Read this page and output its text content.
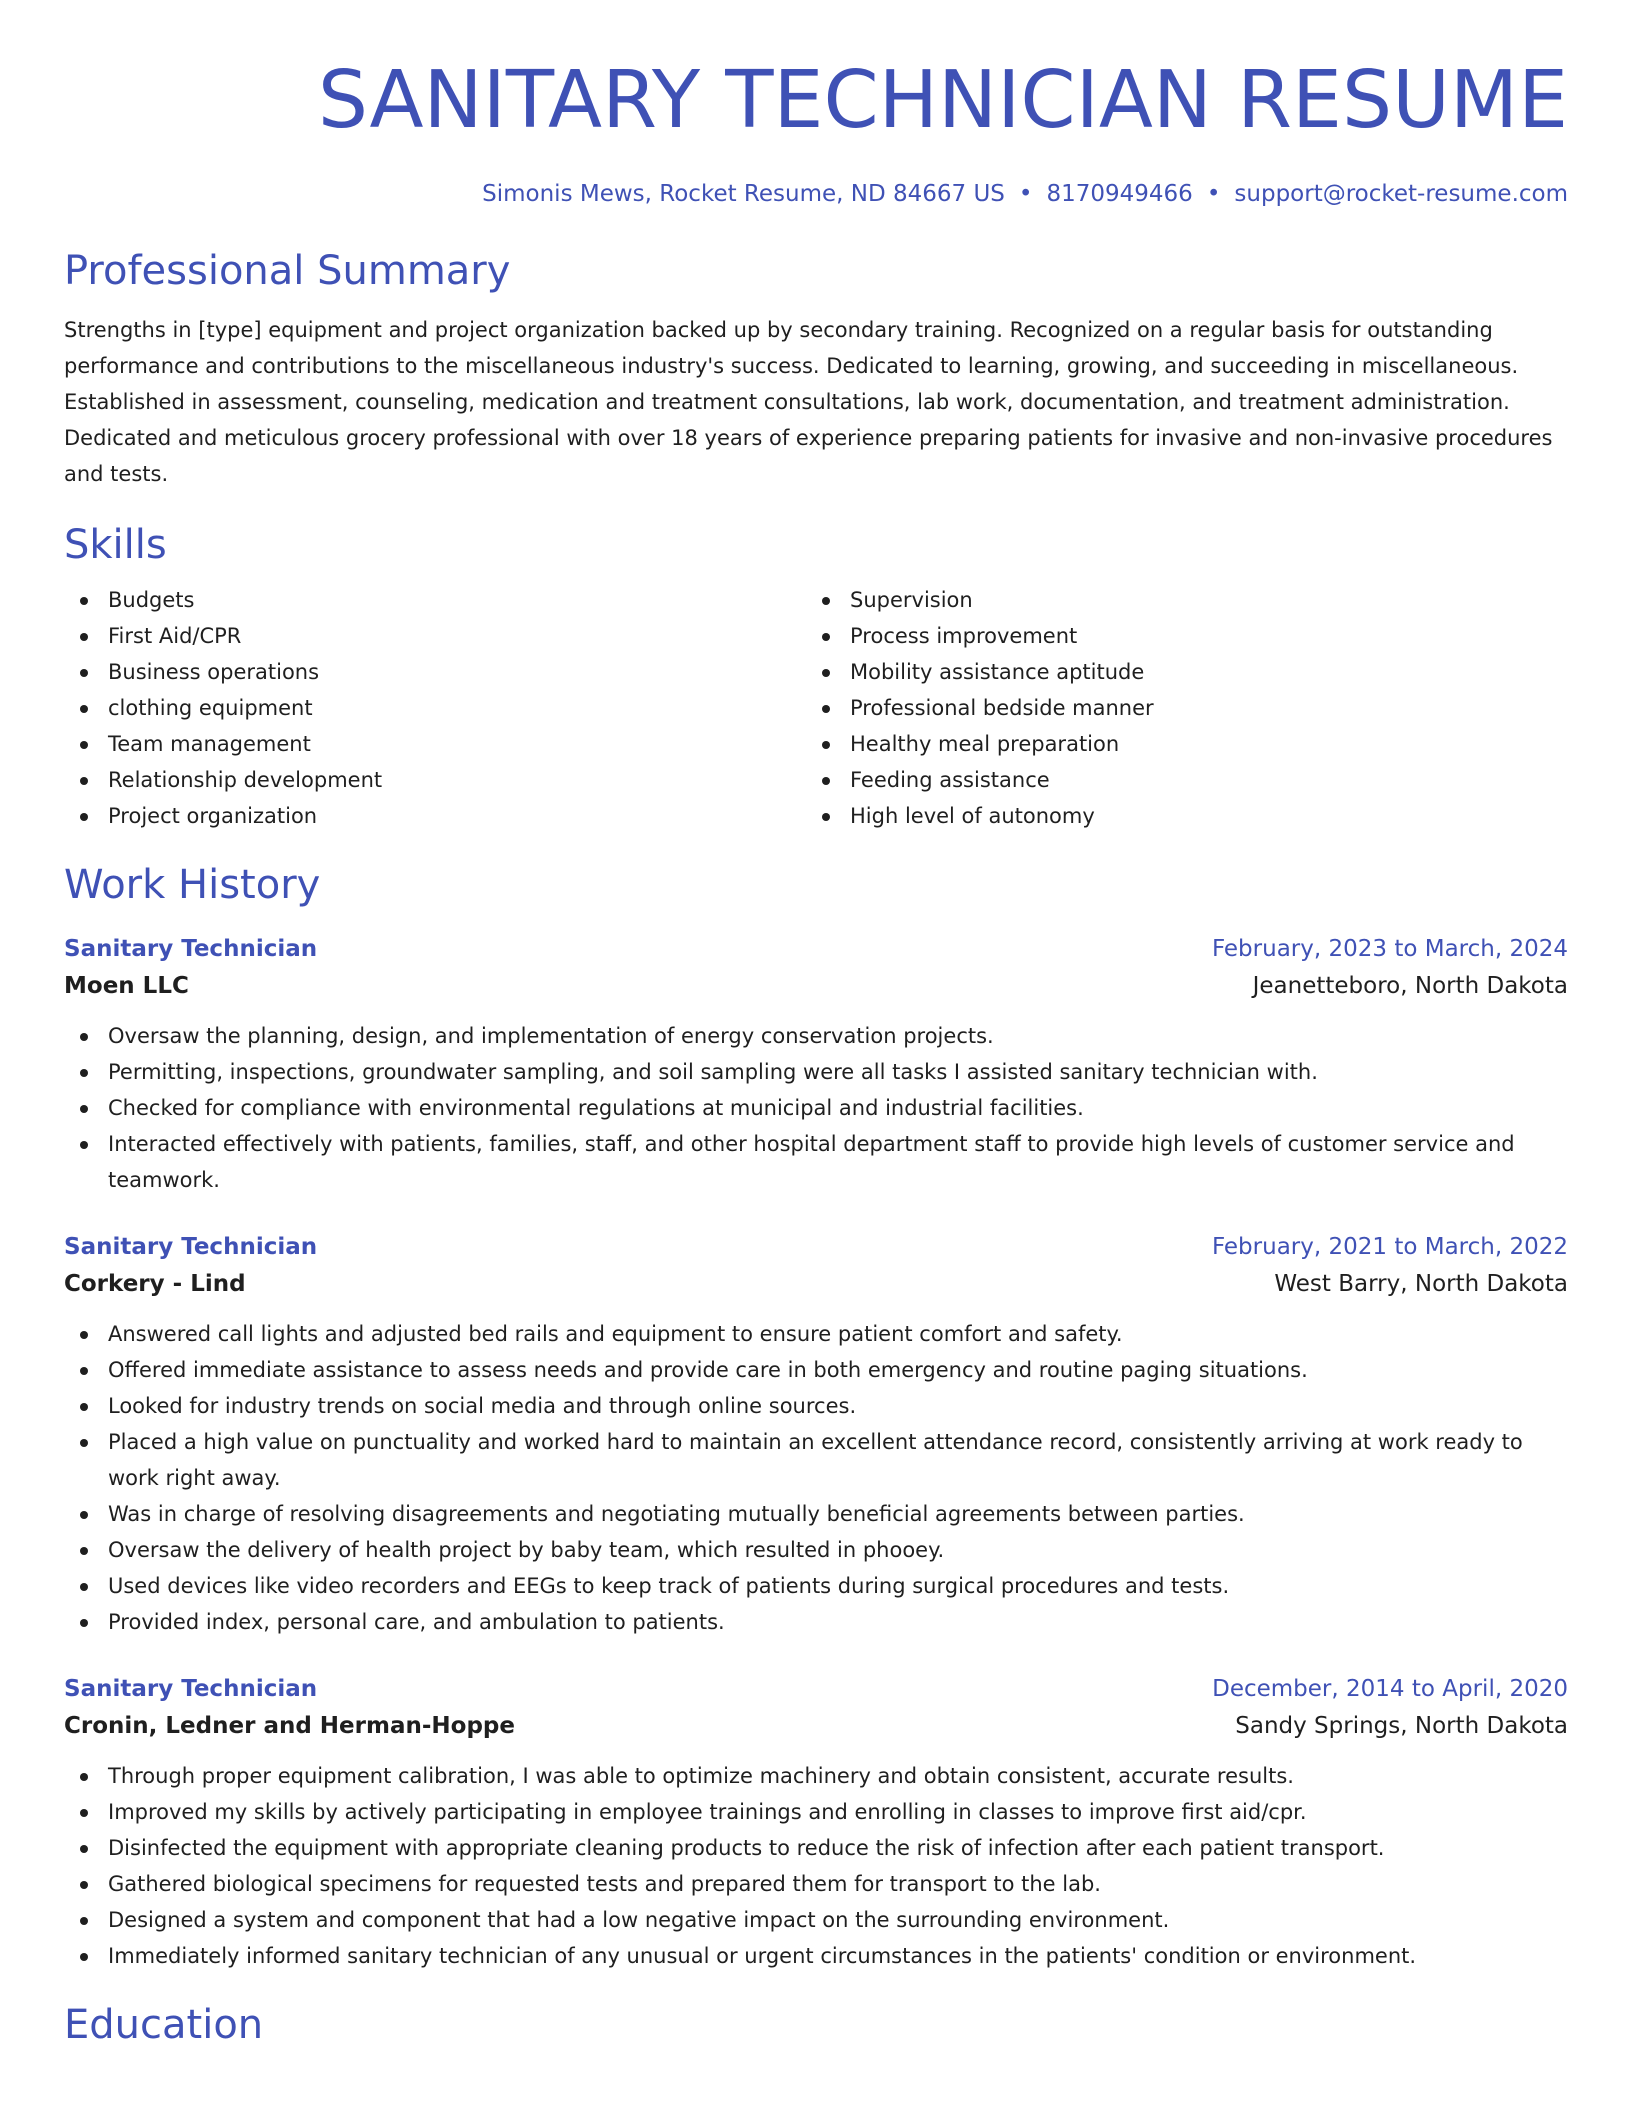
SANITARY TECHNICIAN RESUME
Simonis Mews, Rocket Resume, ND 84667 US • 8170949466 • support@rocket-resume.com
Professional Summary
Strengths in [type] equipment and project organization backed up by secondary training. Recognized on a regular basis for outstanding performance and contributions to the miscellaneous industry's success. Dedicated to learning, growing, and succeeding in miscellaneous. Established in assessment, counseling, medication and treatment consultations, lab work, documentation, and treatment administration. Dedicated and meticulous grocery professional with over 18 years of experience preparing patients for invasive and non-invasive procedures and tests.
Skills
Budgets
First Aid/CPR
Business operations
clothing equipment
Team management
Relationship development
Project organization
Supervision
Process improvement
Mobility assistance aptitude
Professional bedside manner
Healthy meal preparation
Feeding assistance
High level of autonomy
Work History
Sanitary Technician	February, 2023 to March, 2024
Moen LLC	Jeanetteboro, North Dakota
Oversaw the planning, design, and implementation of energy conservation projects.
Permitting, inspections, groundwater sampling, and soil sampling were all tasks I assisted sanitary technician with.
Checked for compliance with environmental regulations at municipal and industrial facilities.
Interacted effectively with patients, families, staff, and other hospital department staff to provide high levels of customer service and teamwork.
Sanitary Technician	February, 2021 to March, 2022
Corkery - Lind	West Barry, North Dakota
Answered call lights and adjusted bed rails and equipment to ensure patient comfort and safety.
Offered immediate assistance to assess needs and provide care in both emergency and routine paging situations.
Looked for industry trends on social media and through online sources.
Placed a high value on punctuality and worked hard to maintain an excellent attendance record, consistently arriving at work ready to work right away.
Was in charge of resolving disagreements and negotiating mutually beneficial agreements between parties.
Oversaw the delivery of health project by baby team, which resulted in phooey.
Used devices like video recorders and EEGs to keep track of patients during surgical procedures and tests.
Provided index, personal care, and ambulation to patients.
Sanitary Technician	December, 2014 to April, 2020
Cronin, Ledner and Herman-Hoppe	Sandy Springs, North Dakota
Through proper equipment calibration, I was able to optimize machinery and obtain consistent, accurate results.
Improved my skills by actively participating in employee trainings and enrolling in classes to improve first aid/cpr.
Disinfected the equipment with appropriate cleaning products to reduce the risk of infection after each patient transport.
Gathered biological specimens for requested tests and prepared them for transport to the lab.
Designed a system and component that had a low negative impact on the surrounding environment.
Immediately informed sanitary technician of any unusual or urgent circumstances in the patients' condition or environment.
Education
